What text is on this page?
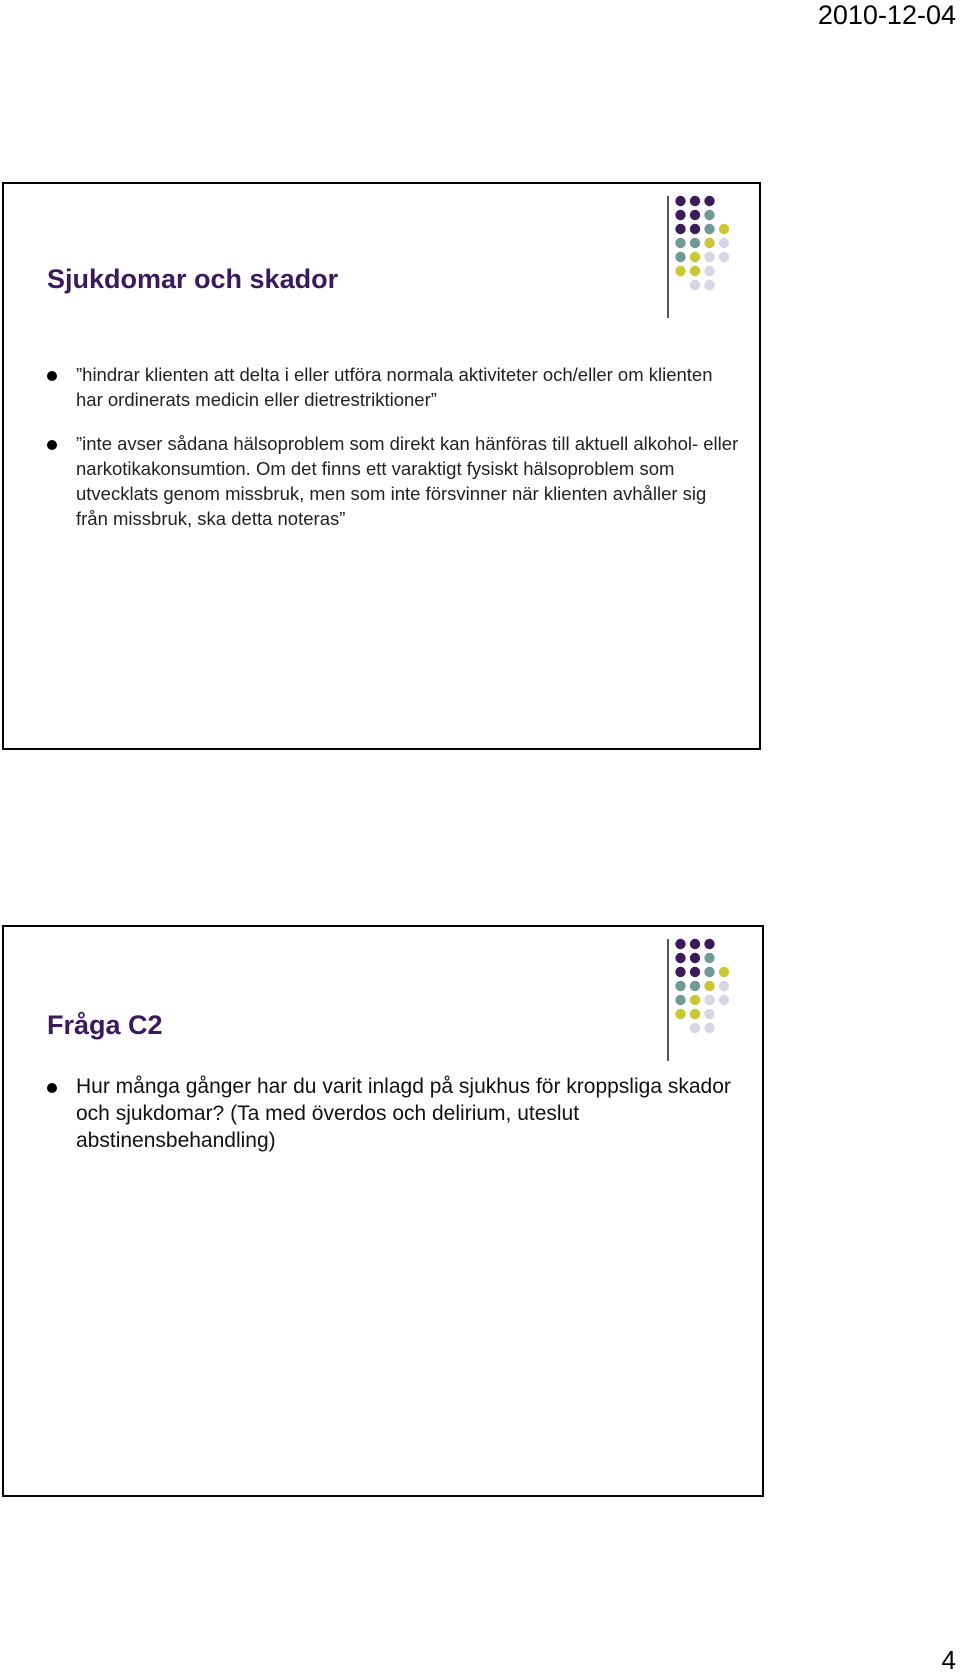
2010-12-04
Sjukdomar och skador
”hindrar klienten att delta i eller utföra normala aktiviteter och/eller om klienten har ordinerats medicin eller dietrestriktioner”
”inte avser sådana hälsoproblem som direkt kan hänföras till aktuell alkohol- eller narkotikakonsumtion. Om det finns ett varaktigt fysiskt hälsoproblem som utvecklats genom missbruk, men som inte försvinner när klienten avhåller sig från missbruk, ska detta noteras”
Fråga C2
Hur många gånger har du varit inlagd på sjukhus för kroppsliga skador och sjukdomar? (Ta med överdos och delirium, uteslut abstinensbehandling)
4
